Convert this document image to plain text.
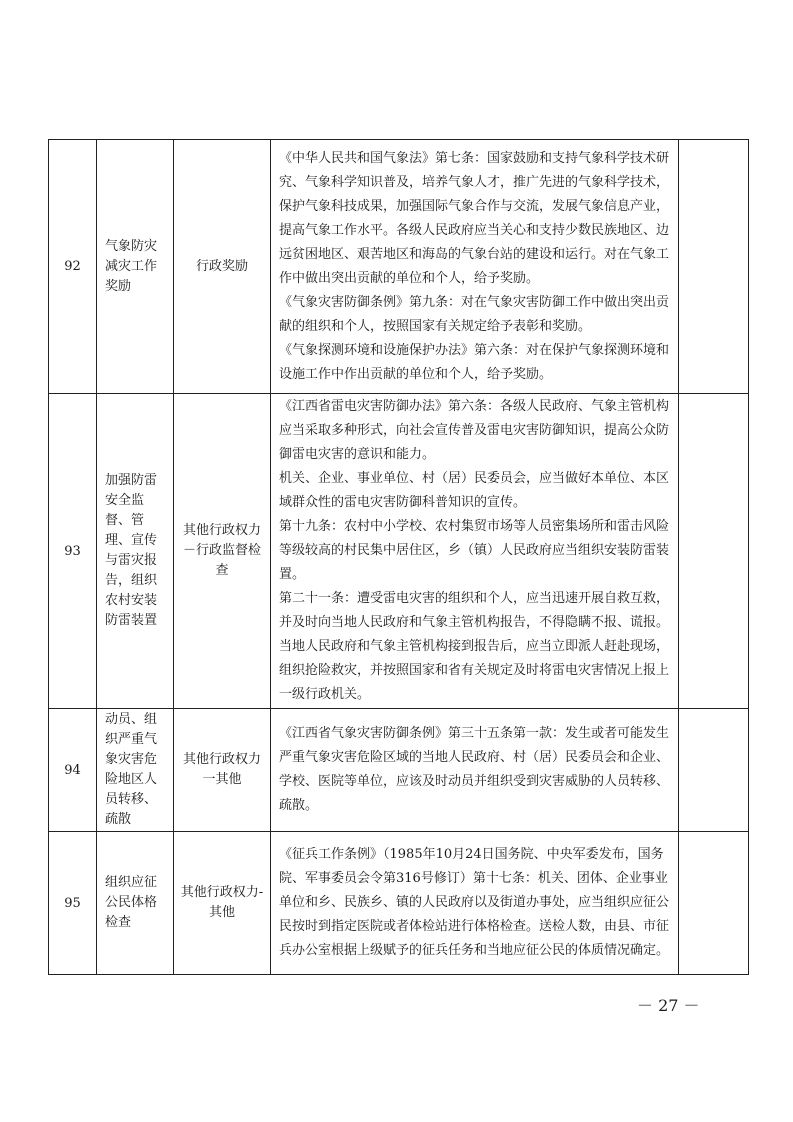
92	气象防灾减灾工作奖励	行政奖励	《中华人民共和国气象法》第七条：国家鼓励和支持气象科学技术研究、气象科学知识普及，培养气象人才，推广先进的气象科学技术，保护气象科技成果，加强国际气象合作与交流，发展气象信息产业，提高气象工作水平。各级人民政府应当关心和支持少数民族地区、边远贫困地区、艰苦地区和海岛的气象台站的建设和运行。对在气象工作中做出突出贡献的单位和个人，给予奖励。
《气象灾害防御条例》第九条：对在气象灾害防御工作中做出突出贡献的组织和个人，按照国家有关规定给予表彰和奖励。
《气象探测环境和设施保护办法》第六条：对在保护气象探测环境和设施工作中作出贡献的单位和个人，给予奖励。	

93	加强防雷安全监督、管理、宣传与雷灾报告，组织农村安装防雷装置	其他行政权力－行政监督检查	《江西省雷电灾害防御办法》第六条：各级人民政府、气象主管机构应当采取多种形式，向社会宣传普及雷电灾害防御知识，提高公众防御雷电灾害的意识和能力。
机关、企业、事业单位、村（居）民委员会，应当做好本单位、本区域群众性的雷电灾害防御科普知识的宣传。
第十九条：农村中小学校、农村集贸市场等人员密集场所和雷击风险等级较高的村民集中居住区，乡（镇）人民政府应当组织安装防雷装置。
第二十一条：遭受雷电灾害的组织和个人，应当迅速开展自救互救，并及时向当地人民政府和气象主管机构报告，不得隐瞒不报、谎报。
当地人民政府和气象主管机构接到报告后，应当立即派人赶赴现场，组织抢险救灾，并按照国家和省有关规定及时将雷电灾害情况上报上一级行政机关。	

94	动员、组织严重气象灾害危险地区人员转移、疏散	其他行政权力一其他	《江西省气象灾害防御条例》第三十五条第一款：发生或者可能发生严重气象灾害危险区域的当地人民政府、村（居）民委员会和企业、学校、医院等单位，应该及时动员并组织受到灾害威胁的人员转移、疏散。	

95	组织应征公民体格检查	其他行政权力-其他	《征兵工作条例》（1985年10月24日国务院、中央军委发布，国务院、军事委员会令第316号修订）第十七条：机关、团体、企业事业单位和乡、民族乡、镇的人民政府以及街道办事处，应当组织应征公民按时到指定医院或者体检站进行体格检查。送检人数，由县、市征兵办公室根据上级赋予的征兵任务和当地应征公民的体质情况确定。	

－ 27 －
